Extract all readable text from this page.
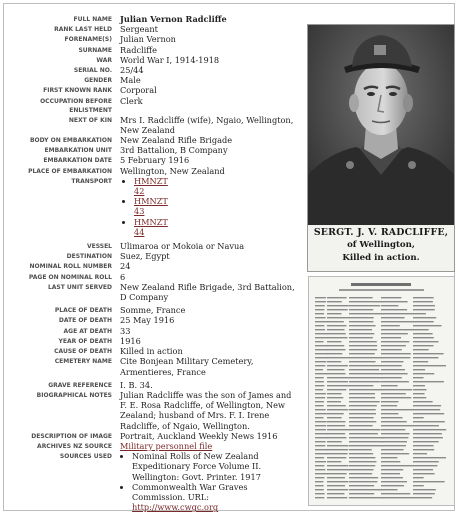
FULL NAME Julian Vernon Radcliffe
RANK LAST HELD Sergeant
FORENAME(S) Julian Vernon
SURNAME Radcliffe
WAR World War I, 1914-1918
SERIAL NO. 25/44
GENDER Male
FIRST KNOWN RANK Corporal
OCCUPATION BEFORE ENLISTMENT
Clerk
NEXT OF KIN Mrs I. Radcliffe (wife), Ngaio, Wellington, New Zealand
BODY ON EMBARKATION New Zealand Rifle Brigade
EMBARKATION UNIT 3rd Battalion, B Company
EMBARKATION DATE 5 February 1916
PLACE OF EMBARKATION Wellington, New Zealand
TRANSPORT	• HMNZT
42
• HMNZT
43
• HMNZT
44
VESSEL Ulimaroa or Mokoia or Navua
DESTINATION Suez, Egypt
NOMINAL ROLL NUMBER 24
PAGE ON NOMINAL ROLL 6
LAST UNIT SERVED New Zealand Rifle Brigade, 3rd Battalion, D Company
PLACE OF DEATH Somme, France
DATE OF DEATH 25 May 1916
AGE AT DEATH 33
YEAR OF DEATH 1916
CAUSE OF DEATH Killed in action
CEMETERY NAME Cite Bonjean Military Cemetery, Armentieres, France
GRAVE REFERENCE I. B. 34.
BIOGRAPHICAL NOTES Julian Radcliffe was the son of James and F. E. Rosa Radcliffe, of Wellington, New Zealand; husband of Mrs. F. I. Irene Radcliffe, of Ngaio, Wellington.
DESCRIPTION OF IMAGE Portrait, Auckland Weekly News 1916
ARCHIVES NZ SOURCE Military personnel file
SOURCES USED • Nominal Rolls of New Zealand Expeditionary Force Volume II. Wellington: Govt. Printer. 1917
• Commonwealth War Graves Commission. URL:
http://www.cwgc.org
SERGT. J. V. RADCLIFFE,
of Wellington,
Killed in action.
